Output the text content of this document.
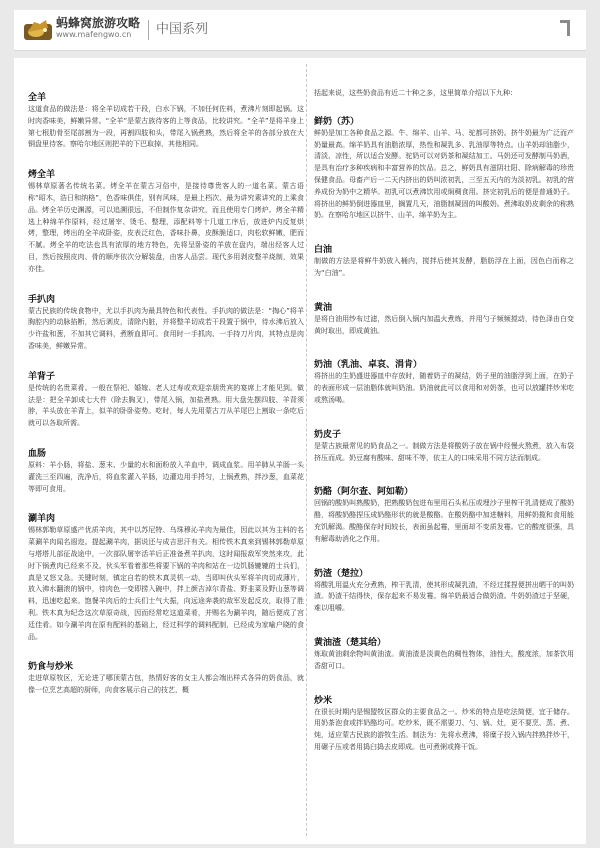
蚂蜂窝旅游攻略
www.mafengwo.cn	中国系列
全羊

这道食品的做法是：将全羊切成若干段，白水下锅，不加任何佐料，煮沸片刻即起锅。这时肉香味美，鲜嫩异常。“全羊”是蒙古族待客的上等食品，比较讲究。“全羊”是将羊身上第七根肋骨至尾部割为一段，再割四肢和头，带尾入锅煮熟，然后将全羊的各部分放在大铜盘里待客。察哈尔地区则把羊的下巴取掉，其他相同。

烤全羊

锡林草原著名传统名菜。烤全羊在蒙古习俗中，是接待尊贵客人的一道名菜。蒙古语称“昭木，浩日和纳格”，色香味俱佳，别有风味，是最上档次、最为讲究素讲究的上乘食品。烤全羊历史渊源，可以追溯很远，不但制作复杂讲究，而且使用专门烤炉。烤全羊精选上种绵羊作原料，经过屠宰、烫毛、整理，添配料等十几道工序后，放进炉内反复烘烤，整理，烤出的全羊成卧姿，皮表泛红色，香味扑鼻，皮酥脆适口，肉松软鲜嫩，肥而不腻。烤全羊的吃法也具有浓厚的地方特色，先将呈卧姿的羊放在盘内，端出经客人过目，然后按照皮肉、骨的顺序依次分解装盘，由客人品尝。现代多用剥皮整羊烧制，效果亦佳。

手扒肉

蒙古民族的传统食物中，尤以手扒肉为最具特色和代表性。手扒肉的做法是：“掏心”将羊胸腔内的动脉掐断，然后剥皮，清除内脏，并将整羊切成若干段置于锅中，待水沸后放入少许盐和葱，不加其它调料，煮断血即可。食用时一手抓肉、一手持刀片肉，其特点是肉香味美，鲜嫩异常。

羊背子

是传统的名贵菜肴。一般在祭祀、婚嫁、老人过寿或欢迎亲朋贵宾的宴席上才能见到。做法是：把全羊卸成七大件（除去胸叉），带尾入锅，加盐煮熟。用大盘先摆四肢、羊背须脖，羊头放在羊背上，似羊的卧卧姿势。吃时，每人先用蒙古刀从羊尾巴上割取一条吃后就可以各取所需。

血肠

原料：羊小肠，将盐、葱末、少量的水和面粉放入羊血中，调成血浆。用羊肺从羊肠一头灌洗三至四遍，洗净后，将血浆灌入羊肠，边灌边用手捋匀，上锅煮熟，拌沙葱，血菜花等即可食用。

涮羊肉

锡林郭勒草原盛产优质羊肉，其中以苏尼特、乌珠穆沁羊肉为最佳，因此以其为主料的名菜涮羊肉闻名遐迩。提起涮羊肉，据说还与成吉思汗有关。相传铁木真来到锡林郭勒草原与塔塔儿部征战途中，一次部队屠宰活羊后正准备煮羊扒肉，这时闻报敌军突然来攻，此时下锅煮肉已经来不及。伙头军看着那些将要下锅的羊肉和站在一边饥肠辘辘的士兵们，真是又怒又急。关键时刻，镇定自若的铁木真灵机一动，当即叫伙头军将羊肉切成薄片，放入沸水翻滚的锅中，待肉色一变即捞入碗中，拌上颜吉淖尔青盐、野韭菜及野山葱等调料，迅速吃起来。饱餐羊肉后的士兵们士气大振，向远途奔袭的敌军发起反攻，取得了胜利。铁木真为纪念这次草原奇战，因而经常吃这道菜肴，并赐名为涮羊肉，随后便成了宫廷佳肴。如今涮羊肉在原有配料的基础上，经过科学的调料配制，已经成为家喻户晓的食品。

奶食与炒米

走进草原牧区，无论进了哪顶蒙古包，热情好客的女主人都会端出样式各异的奶食品，就像一位烹艺高超的厨师，向食客展示自己的技艺，概

括起来说，这些奶食品有近二十种之多，这里简单介绍以下九种：

鲜奶（苏）

鲜奶是加工各种食品之源。牛、绵羊、山羊、马、驼都可挤奶。挤牛奶最为广泛而产奶量最高。绵羊奶具有油脂浓厚，热性和凝乳多、乳油厚等特点。山羊奶却油脂少，清淡、凉性，所以适合发酵。驼奶可以对奶茶和凝结加工。马奶还可发酵制马奶酒，是具有治疗多种疾病和丰富营养的饮品。总之，鲜奶具有滋阴壮阳、除病解毒的珍贵保健食品。母畜产后一二天内挤出的奶叫浓初乳，三至五天内的为淡初乳。初乳的营养成份为奶中之精华。初乳可以煮沸饮用或焖稠食用。挤完初乳后的便是普通奶子。将挤出的鲜奶倒进器皿里，搁置几天，油脂制凝固的叫酸奶。煮沸取奶皮剩余的称熟奶。在察哈尔地区以挤牛、山羊、绵羊奶为主。

白油

制做的方法是将鲜牛奶放入桶内，搅拌后使其发酵，脂肪浮在上面，因色白而称之为“白油”。

黄油

是将白油用纱布过滤，然后倒入锅内加温火煮炼，并用勺子频频搅动，待色泽由白变黄时取出，即成黄油。

奶油（乳油、卓哀、涓肯）

将挤出的生奶盛进器皿中存放时，随着奶子的凝结，奶子里的油脂浮到上面，在奶子的表面形成一层油脂体就叫奶油。奶油就此可以食用和对奶茶，也可以放罐拌炒米吃或熬汤喝。

奶皮子

是蒙古族最常见的奶食品之一。制做方法是将酸奶子放在锅中经慢火熬煮，放入布袋挤压而成。奶豆腐有酸味、甜味不等，依主人的口味采用不同方法而制成。

奶酪（阿尔查、阿如勒）

回锅的酸奶叫熟酸奶，把熟酸奶包进布里用石头私压或埋沙子里榨干乳清便成了酸奶酪，将酸奶酪捏压成奶酪形状的就是酸酪。在酸奶酪中加进糖料，用鲜奶揽和食用能充饥解渴。酸酪保存时间较长，表面虽起霉，里面却不变质发霉。它的酸度很强，具有解毒助消化之作用。

奶渣（楚拉）

将酸乳用温火充分煮熟，榨干乳清，使其形成凝乳渣，不经过揉捏便拼出晒干的叫奶渣。奶渣干结得快，保存起来不易发霉。绵羊奶最适合做奶渣。牛奶奶渣过于坚硬，难以咀嚼。

黄油渣（楚其给）

炼取黄油剩余物叫黄油渣。黄油渣是淡黄色的稠性物体，油性大，酸度浓，加茶饮用香甜可口。

炒米

在很长时期内是锡盟牧区群众的主要食品之一。炒米的特点是吃法简便，宜于储存。用奶茶泡食或拌奶酪均可。吃炒米，既不需要刀、勺、锅、灶，更不要烹、蒸、煮、炖，适应蒙古民族的游牧生活。制法为：先将水煮沸，将糜子投入锅内拌熟拌炒干，用碾子压或者用捣臼捣去皮即成。也可煮粥或搀干饭。
